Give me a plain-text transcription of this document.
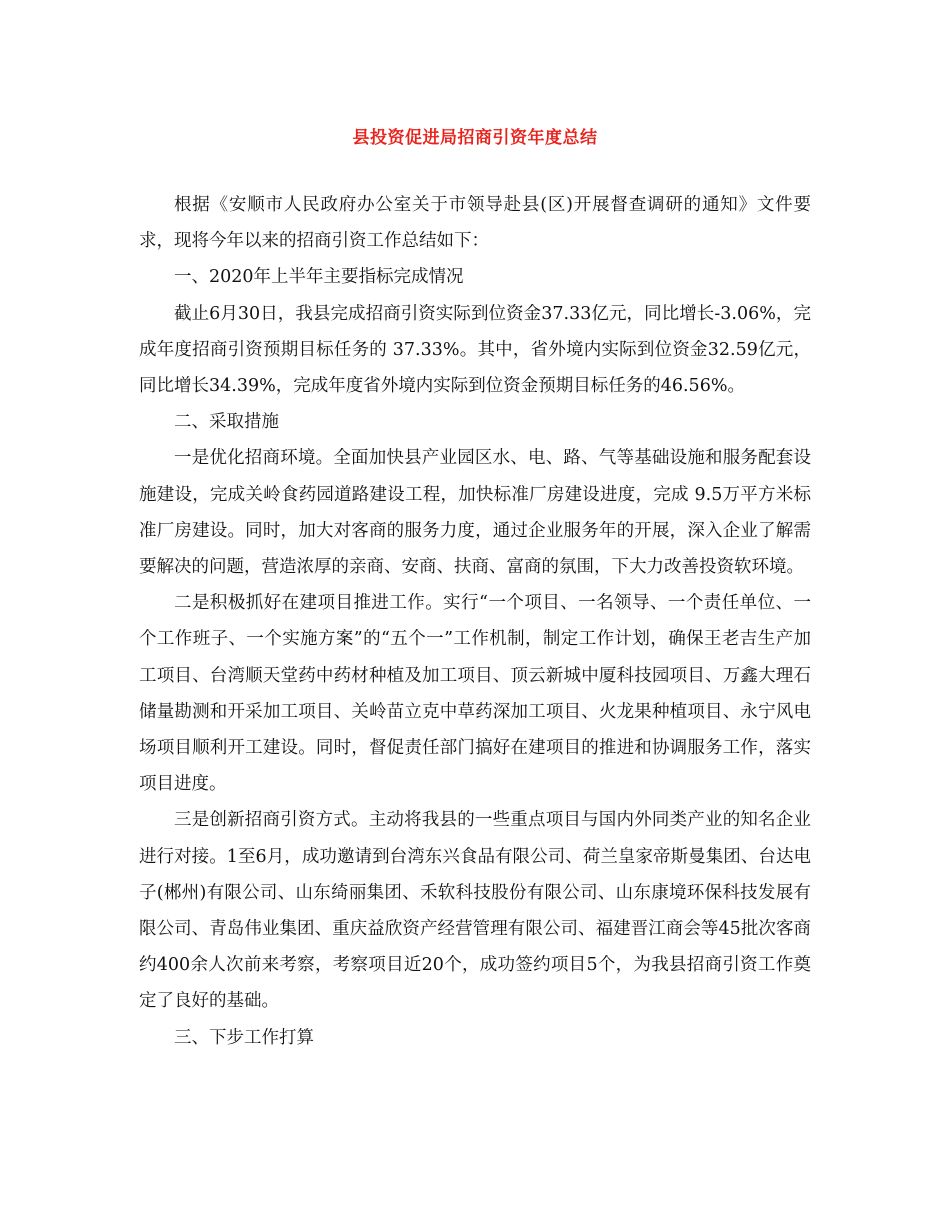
县投资促进局招商引资年度总结

根据《安顺市人民政府办公室关于市领导赴县(区)开展督查调研的通知》文件要求，现将今年以来的招商引资工作总结如下：

一、2020年上半年主要指标完成情况

截止6月30日，我县完成招商引资实际到位资金37.33亿元，同比增长-3.06%，完成年度招商引资预期目标任务的 37.33%。其中，省外境内实际到位资金32.59亿元，同比增长34.39%，完成年度省外境内实际到位资金预期目标任务的46.56%。

二、采取措施

一是优化招商环境。全面加快县产业园区水、电、路、气等基础设施和服务配套设施建设，完成关岭食药园道路建设工程，加快标准厂房建设进度，完成 9.5万平方米标准厂房建设。同时，加大对客商的服务力度，通过企业服务年的开展，深入企业了解需要解决的问题，营造浓厚的亲商、安商、扶商、富商的氛围，下大力改善投资软环境。

二是积极抓好在建项目推进工作。实行“一个项目、一名领导、一个责任单位、一个工作班子、一个实施方案”的“五个一”工作机制，制定工作计划，确保王老吉生产加工项目、台湾顺天堂药中药材种植及加工项目、顶云新城中厦科技园项目、万鑫大理石储量勘测和开采加工项目、关岭苗立克中草药深加工项目、火龙果种植项目、永宁风电场项目顺利开工建设。同时，督促责任部门搞好在建项目的推进和协调服务工作，落实项目进度。

三是创新招商引资方式。主动将我县的一些重点项目与国内外同类产业的知名企业进行对接。1至6月，成功邀请到台湾东兴食品有限公司、荷兰皇家帝斯曼集团、台达电子(郴州)有限公司、山东绮丽集团、禾软科技股份有限公司、山东康境环保科技发展有限公司、青岛伟业集团、重庆益欣资产经营管理有限公司、福建晋江商会等45批次客商约400余人次前来考察，考察项目近20个，成功签约项目5个，为我县招商引资工作奠定了良好的基础。

三、下步工作打算
